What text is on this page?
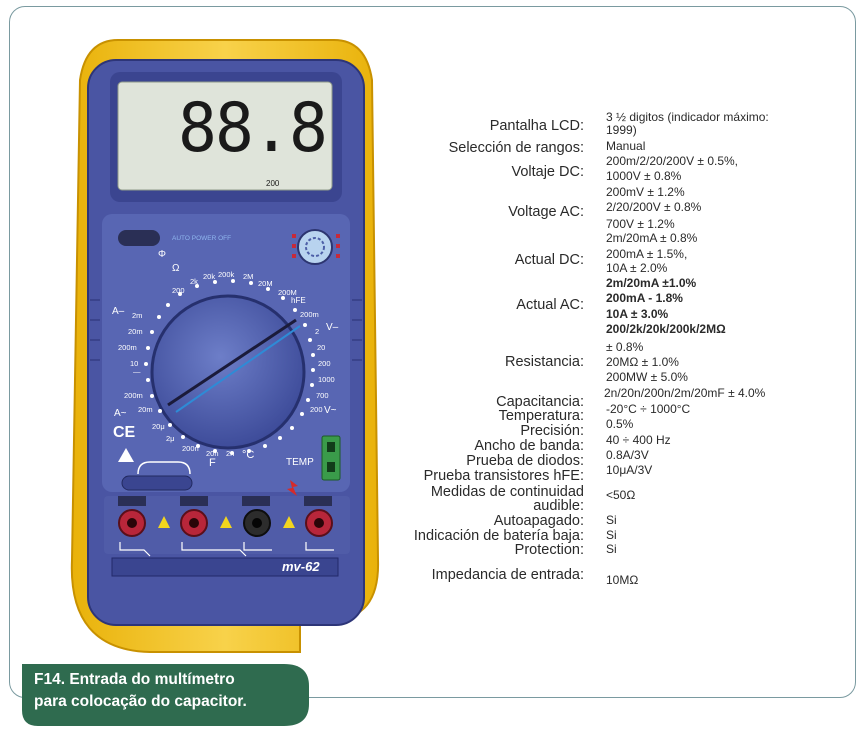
88.8
200
AUTO POWER OFF
Φ
Ω
mv-62
CE
TEMP
F
°C
hFE
V–
V~
A–
A~
200
2k
20k 200k 2M
20M
200M
200m
2
20
200
1000
700
200
2m
20m
200m
10
200m
20m
20μ
2μ
200n
20n 2n
—
Pantalha LCD:
Selección de rangos:
Voltaje DC:
Voltage AC:
Actual DC:
Actual AC:
Resistancia:
Capacitancia:
Temperatura:
Precisión:
Ancho de banda:
Prueba de diodos:
Prueba transistores hFE:
Medidas de continuidad
audible:
Autoapagado:
Indicación de batería baja:
Protection:
Impedancia de entrada:
3 ½ digitos (indicador máximo:
1999)
Manual
200m/2/20/200V ± 0.5%,
1000V ± 0.8%
200mV ± 1.2%
2/20/200V ± 0.8%
700V ± 1.2%
2m/20mA ± 0.8%
200mA ± 1.5%,
10A ± 2.0%
2m/20mA ±1.0%
200mA - 1.8%
10A ± 3.0%
200/2k/20k/200k/2MΩ
± 0.8%
20MΩ ± 1.0%
200MW ± 5.0%
2n/20n/200n/2m/20mF ± 4.0%
-20°C ÷ 1000°C
0.5%
40 ÷ 400 Hz
0.8A/3V
10μA/3V
<50Ω
Si
Si
Si
10MΩ
F14. Entrada do multímetro
para colocação do capacitor.
